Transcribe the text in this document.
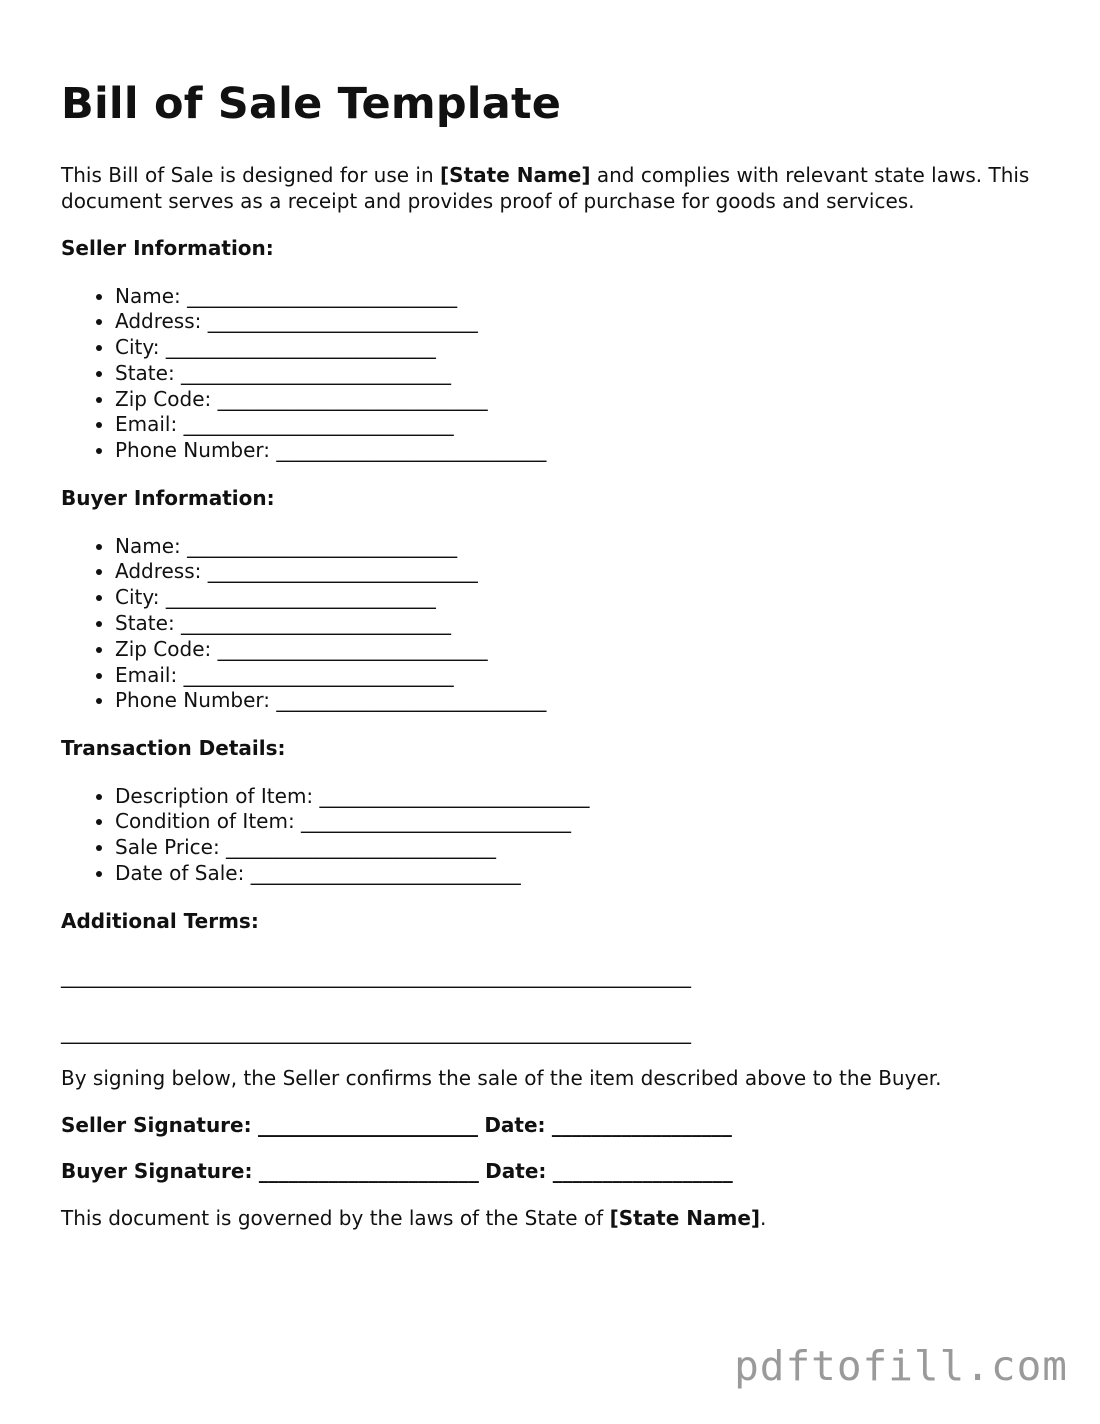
Bill of Sale Template

This Bill of Sale is designed for use in [State Name] and complies with relevant state laws. This document serves as a receipt and provides proof of purchase for goods and services.

Seller Information:
• Name: ___________________________
• Address: ___________________________
• City: ___________________________
• State: ___________________________
• Zip Code: ___________________________
• Email: ___________________________
• Phone Number: ___________________________
Buyer Information:
• Name: ___________________________
• Address: ___________________________
• City: ___________________________
• State: ___________________________
• Zip Code: ___________________________
• Email: ___________________________
• Phone Number: ___________________________
Transaction Details:
• Description of Item: ___________________________
• Condition of Item: ___________________________
• Sale Price: ___________________________
• Date of Sale: ___________________________
Additional Terms:
_______________________________________________________________
_______________________________________________________________

By signing below, the Seller confirms the sale of the item described above to the Buyer.

Seller Signature: ______________________ Date: __________________

Buyer Signature: ______________________ Date: __________________

This document is governed by the laws of the State of [State Name].

pdftofill.com
